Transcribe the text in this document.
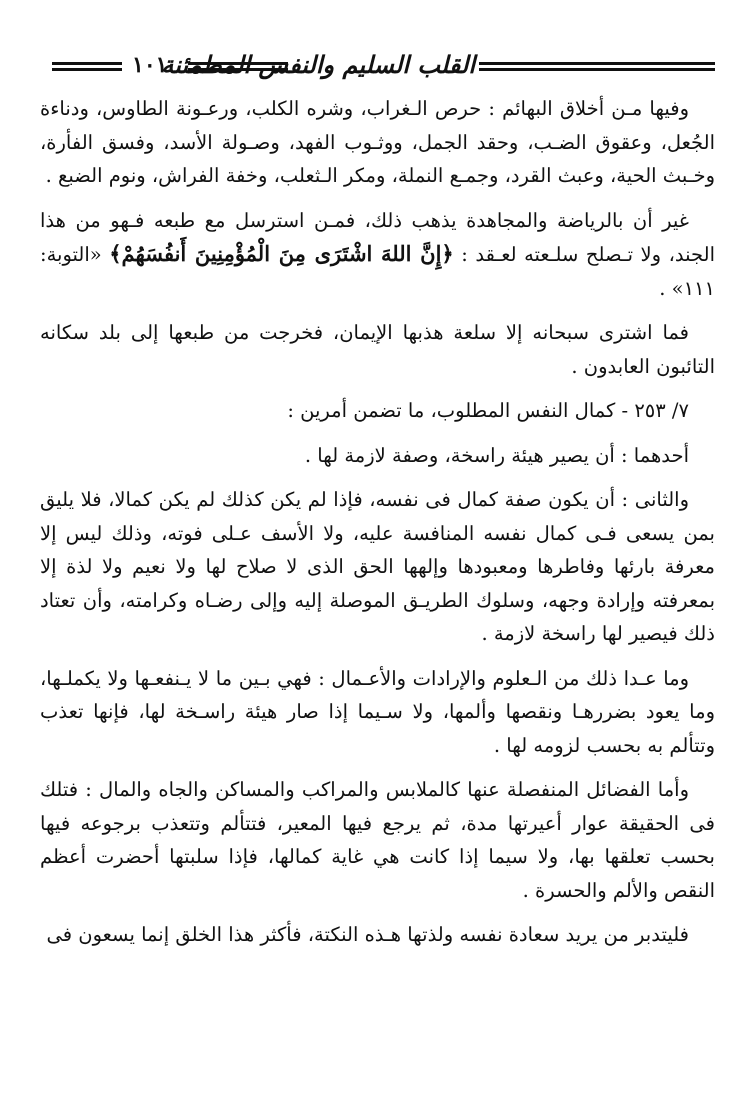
القلب السليم والنفس المطمئنة
١٠١

وفيها مـن أخلاق البهائم : حرص الـغراب، وشره الكلب، ورعـونة الطاوس، ودناءة الجُعل، وعقوق الضـب، وحقد الجمل، ووثـوب الفهد، وصـولة الأسد، وفسق الفأرة، وخـبث الحية، وعبث القرد، وجمـع النملة، ومكر الـثعلب، وخفة الفراش، ونوم الضبع .

غير أن بالرياضة والمجاهدة يذهب ذلك، فمـن استرسل مع طبعه فـهو من هذا الجند، ولا تـصلح سلـعته لعـقد : ﴿إِنَّ اللهَ اشْتَرَى مِنَ الْمُؤْمِنِينَ أَنفُسَهُمْ﴾ «التوبة: ١١١» .

فما اشترى سبحانه إلا سلعة هذبها الإيمان، فخرجت من طبعها إلى بلد سكانه التائبون العابدون .

٧/ ٢٥٣ - كمال النفس المطلوب، ما تضمن أمرين :

أحدهما : أن يصير هيئة راسخة، وصفة لازمة لها .

والثانى : أن يكون صفة كمال فى نفسه، فإذا لم يكن كذلك لم يكن كمالا، فلا يليق بمن يسعى فـى كمال نفسه المنافسة عليه، ولا الأسف عـلى فوته، وذلك ليس إلا معرفة بارئها وفاطرها ومعبودها وإلهها الحق الذى لا صلاح لها ولا نعيم ولا لذة إلا بمعرفته وإرادة وجهه، وسلوك الطريـق الموصلة إليه وإلى رضـاه وكرامته، وأن تعتاد ذلك فيصير لها راسخة لازمة .

وما عـدا ذلك من الـعلوم والإرادات والأعـمال : فهي بـين ما لا يـنفعـها ولا يكملـها، وما يعود بضررهـا ونقصها وألمها، ولا سـيما إذا صار هيئة راسـخة لها، فإنها تعذب وتتألم به بحسب لزومه لها .

وأما الفضائل المنفصلة عنها كالملابس والمراكب والمساكن والجاه والمال : فتلك فى الحقيقة عوار أعيرتها مدة، ثم يرجع فيها المعير، فتتألم وتتعذب برجوعه فيها بحسب تعلقها بها، ولا سيما إذا كانت هي غاية كمالها، فإذا سلبتها أحضرت أعظم النقص والألم والحسرة .

فليتدبر من يريد سعادة نفسه ولذتها هـذه النكتة، فأكثر هذا الخلق إنما يسعون فى
